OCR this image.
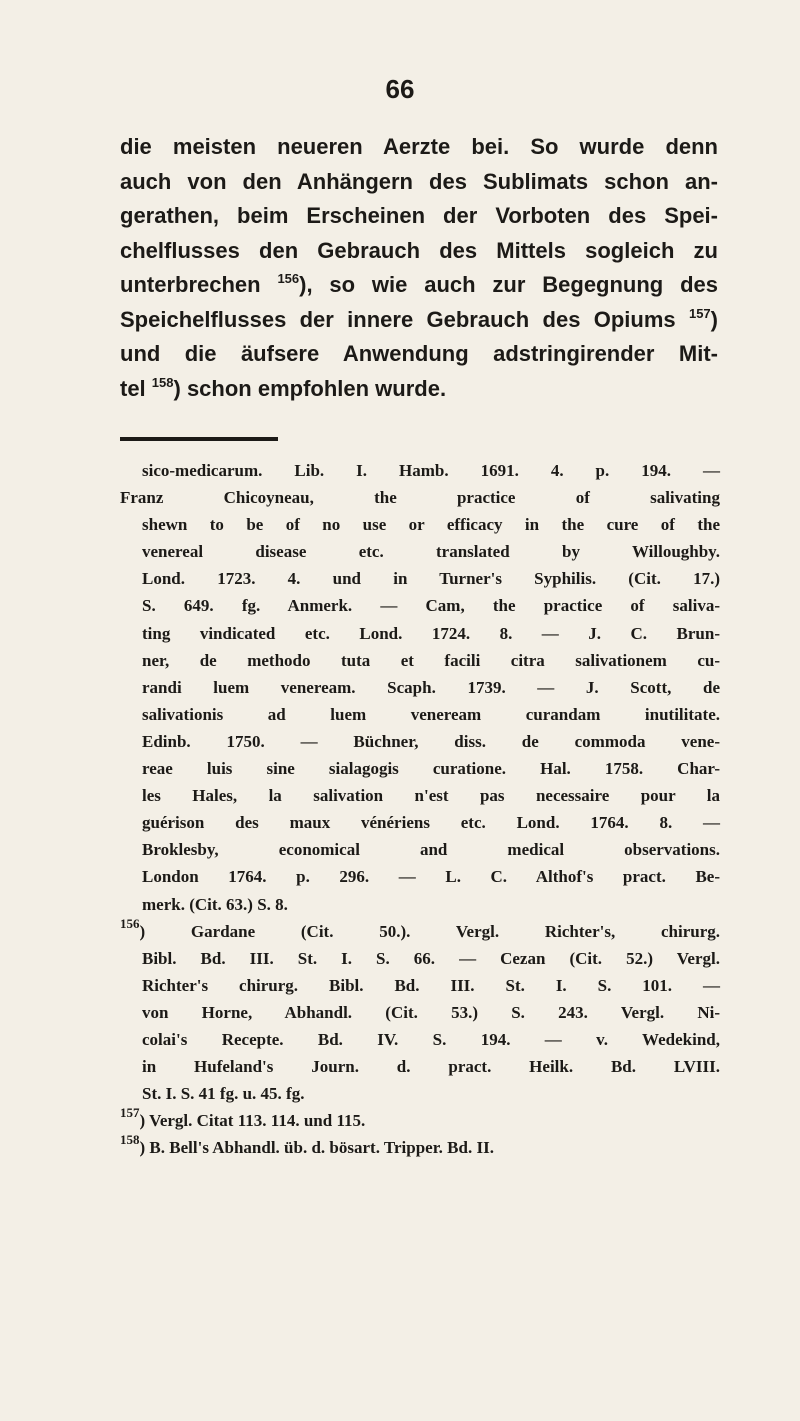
66
die meisten neueren Aerzte bei. So wurde denn
auch von den Anhängern des Sublimats schon an-
gerathen, beim Erscheinen der Vorboten des Spei-
chelflusses den Gebrauch des Mittels sogleich zu
unterbrechen $^{156}$), so wie auch zur Begegnung des
Speichelflusses der innere Gebrauch des Opiums $^{157}$)
und die äufsere Anwendung adstringirender Mit-
tel $^{158}$) schon empfohlen wurde.
sico-medicarum. Lib. I. Hamb. 1691. 4. p. 194. —
Franz Chicoyneau, the practice of salivating
shewn to be of no use or efficacy in the cure of the
venereal disease etc. translated by Willoughby.
Lond. 1723. 4. und in Turner's Syphilis. (Cit. 17.)
S. 649. fg. Anmerk. — Cam, the practice of saliva-
ting vindicated etc. Lond. 1724. 8. — J. C. Brun-
ner, de methodo tuta et facili citra salivationem cu-
randi luem veneream. Scaph. 1739. — J. Scott, de
salivationis ad luem veneream curandam inutilitate.
Edinb. 1750. — Büchner, diss. de commoda vene-
reae luis sine sialagogis curatione. Hal. 1758. Char-
les Hales, la salivation n'est pas necessaire pour la
guérison des maux vénériens etc. Lond. 1764. 8. —
Broklesby, economical and medical observations.
London 1764. p. 296. — L. C. Althof's pract. Be-
merk. (Cit. 63.) S. 8.
$^{156}$) Gardane (Cit. 50.). Vergl. Richter's, chirurg.
Bibl. Bd. III. St. I. S. 66. — Cezan (Cit. 52.) Vergl.
Richter's chirurg. Bibl. Bd. III. St. I. S. 101. —
von Horne, Abhandl. (Cit. 53.) S. 243. Vergl. Ni-
colai's Recepte. Bd. IV. S. 194. — v. Wedekind,
in Hufeland's Journ. d. pract. Heilk. Bd. LVIII.
St. I. S. 41 fg. u. 45. fg.
$^{157}$) Vergl. Citat 113. 114. und 115.
$^{158}$) B. Bell's Abhandl. üb. d. bösart. Tripper. Bd. II.
